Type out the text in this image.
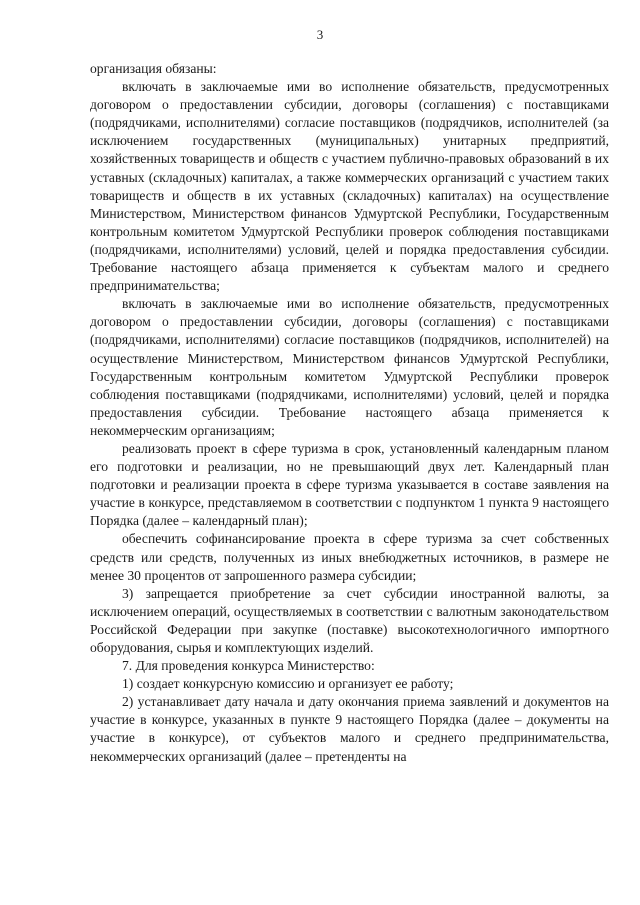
3

организация обязаны:

включать в заключаемые ими во исполнение обязательств, предусмотренных договором о предоставлении субсидии, договоры (соглашения) с поставщиками (подрядчиками, исполнителями) согласие поставщиков (подрядчиков, исполнителей (за исключением государственных (муниципальных) унитарных предприятий, хозяйственных товариществ и обществ с участием публично-правовых образований в их уставных (складочных) капиталах, а также коммерческих организаций с участием таких товариществ и обществ в их уставных (складочных) капиталах) на осуществление Министерством, Министерством финансов Удмуртской Республики, Государственным контрольным комитетом Удмуртской Республики проверок соблюдения поставщиками (подрядчиками, исполнителями) условий, целей и порядка предоставления субсидии. Требование настоящего абзаца применяется к субъектам малого и среднего предпринимательства;

включать в заключаемые ими во исполнение обязательств, предусмотренных договором о предоставлении субсидии, договоры (соглашения) с поставщиками (подрядчиками, исполнителями) согласие поставщиков (подрядчиков, исполнителей) на осуществление Министерством, Министерством финансов Удмуртской Республики, Государственным контрольным комитетом Удмуртской Республики проверок соблюдения поставщиками (подрядчиками, исполнителями) условий, целей и порядка предоставления субсидии. Требование настоящего абзаца применяется к некоммерческим организациям;

реализовать проект в сфере туризма в срок, установленный календарным планом его подготовки и реализации, но не превышающий двух лет. Календарный план подготовки и реализации проекта в сфере туризма указывается в составе заявления на участие в конкурсе, представляемом в соответствии с подпунктом 1 пункта 9 настоящего Порядка (далее – календарный план);

обеспечить софинансирование проекта в сфере туризма за счет собственных средств или средств, полученных из иных внебюджетных источников, в размере не менее 30 процентов от запрошенного размера субсидии;

3) запрещается приобретение за счет субсидии иностранной валюты, за исключением операций, осуществляемых в соответствии с валютным законодательством Российской Федерации при закупке (поставке) высокотехнологичного импортного оборудования, сырья и комплектующих изделий.

7. Для проведения конкурса Министерство:

1) создает конкурсную комиссию и организует ее работу;

2) устанавливает дату начала и дату окончания приема заявлений и документов на участие в конкурсе, указанных в пункте 9 настоящего Порядка (далее – документы на участие в конкурсе), от субъектов малого и среднего предпринимательства, некоммерческих организаций (далее – претенденты на
